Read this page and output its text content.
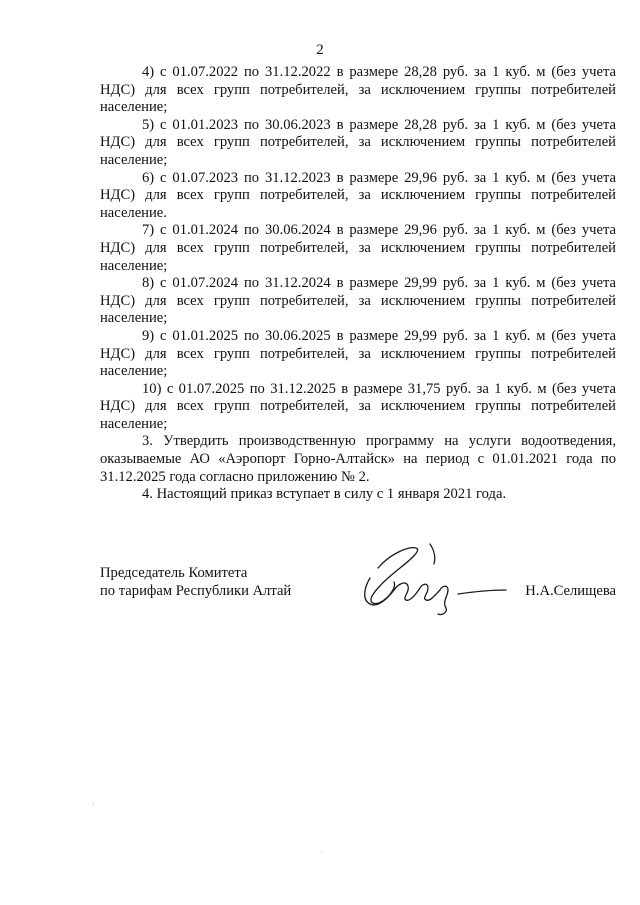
2

4) с 01.07.2022 по 31.12.2022 в размере 28,28 руб. за 1 куб. м (без учета НДС) для всех групп потребителей, за исключением группы потребителей население;

5) с 01.01.2023 по 30.06.2023 в размере 28,28 руб. за 1 куб. м (без учета НДС) для всех групп потребителей, за исключением группы потребителей население;

6) с 01.07.2023 по 31.12.2023 в размере 29,96 руб. за 1 куб. м (без учета НДС) для всех групп потребителей, за исключением группы потребителей население.

7) с 01.01.2024 по 30.06.2024 в размере 29,96 руб. за 1 куб. м (без учета НДС) для всех групп потребителей, за исключением группы потребителей население;

8) с 01.07.2024 по 31.12.2024 в размере 29,99 руб. за 1 куб. м (без учета НДС) для всех групп потребителей, за исключением группы потребителей население;

9) с 01.01.2025 по 30.06.2025 в размере 29,99 руб. за 1 куб. м (без учета НДС) для всех групп потребителей, за исключением группы потребителей население;

10) с 01.07.2025 по 31.12.2025 в размере 31,75 руб. за 1 куб. м (без учета НДС) для всех групп потребителей, за исключением группы потребителей население;

3. Утвердить производственную программу на услуги водоотведения, оказываемые АО «Аэропорт Горно-Алтайск» на период с 01.01.2021 года по 31.12.2025 года согласно приложению № 2.

4. Настоящий приказ вступает в силу с 1 января 2021 года.

Председатель Комитета
по тарифам Республики Алтай	Н.А.Селищева
